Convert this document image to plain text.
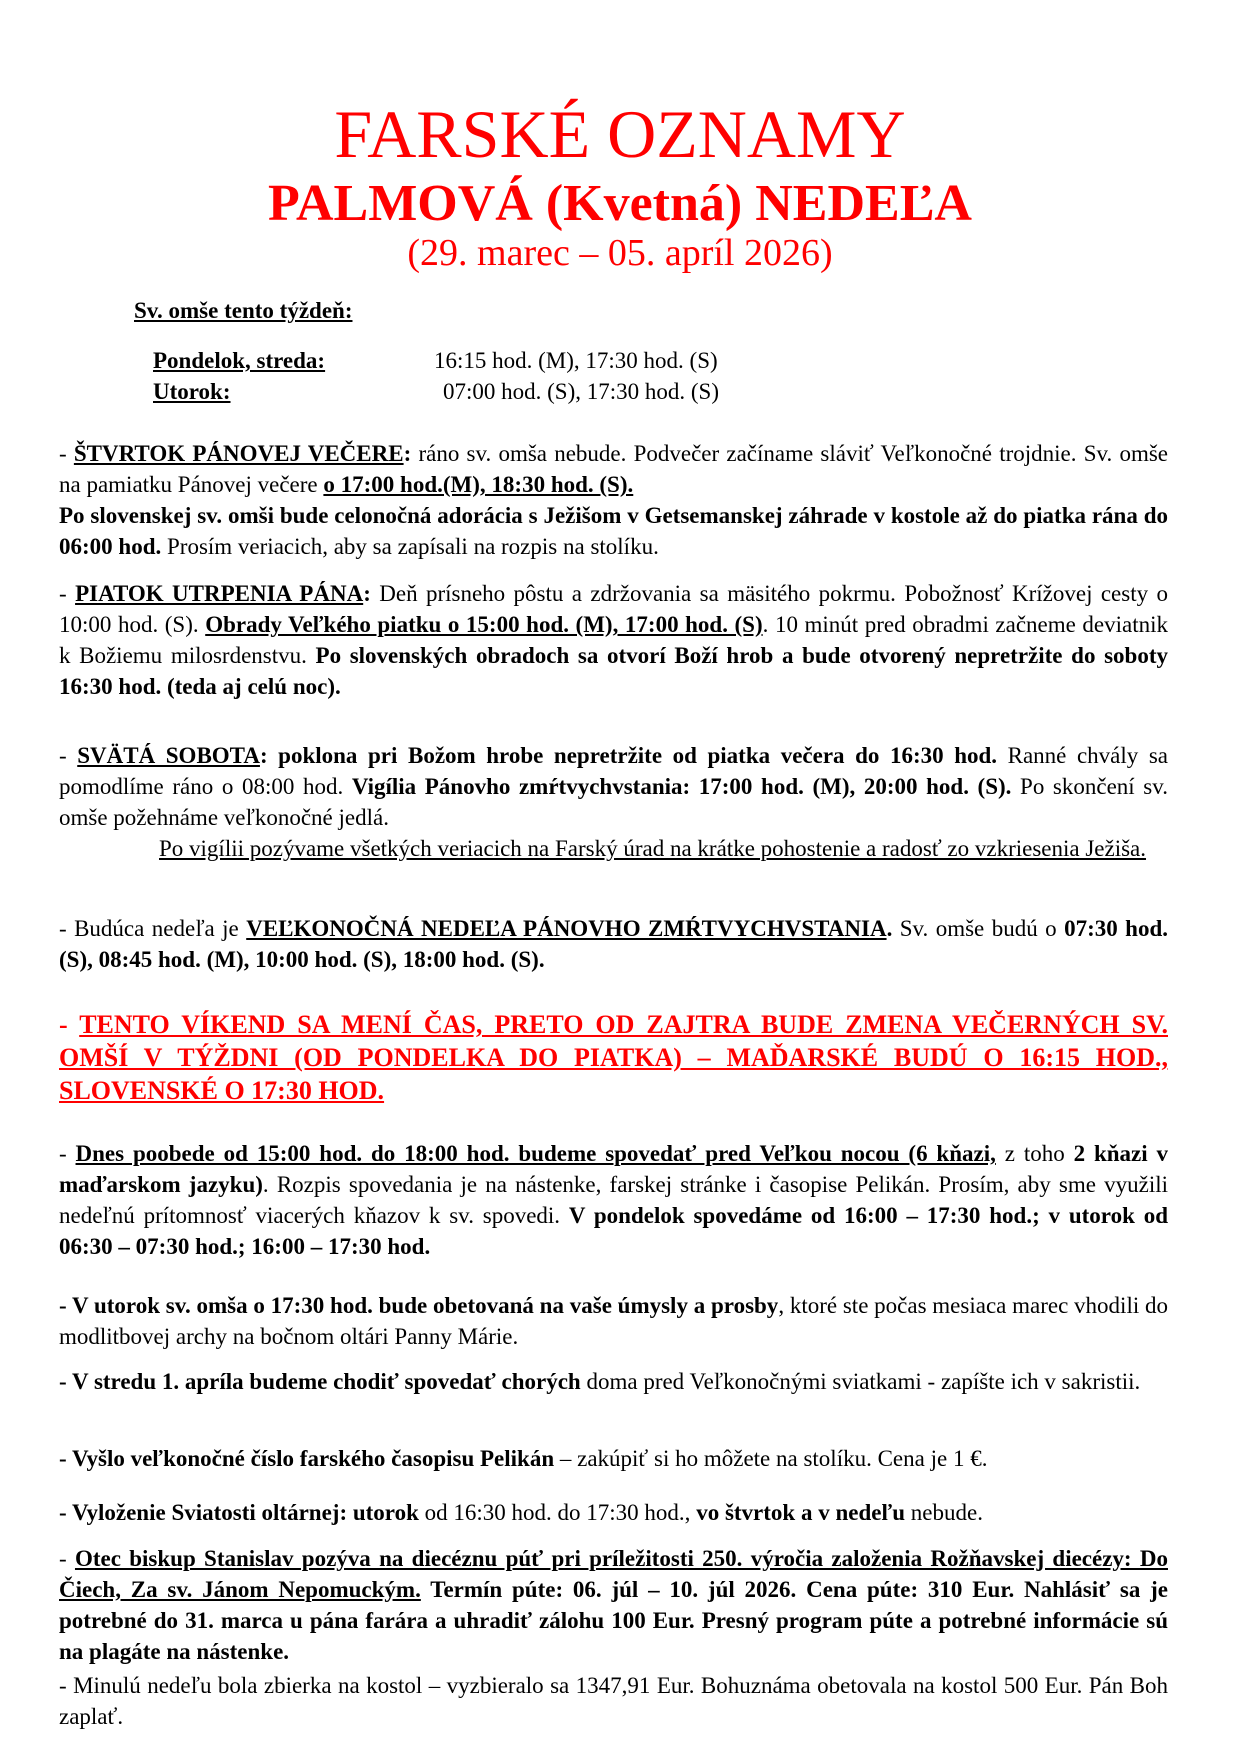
FARSKÉ OZNAMY
PALMOVÁ (Kvetná) NEDEĽA
(29. marec – 05. apríl 2026)
Sv. omše tento týždeň:
Pondelok, streda:	16:15 hod. (M), 17:30 hod. (S)
Utorok:	07:00 hod. (S), 17:30 hod. (S)
- ŠTVRTOK PÁNOVEJ VEČERE: ráno sv. omša nebude. Podvečer začíname sláviť Veľkonočné trojdnie. Sv. omše na pamiatku Pánovej večere o 17:00 hod.(M), 18:30 hod. (S).
Po slovenskej sv. omši bude celonočná adorácia s Ježišom v Getsemanskej záhrade v kostole až do piatka rána do 06:00 hod. Prosím veriacich, aby sa zapísali na rozpis na stolíku.
- PIATOK UTRPENIA PÁNA: Deň prísneho pôstu a zdržovania sa mäsitého pokrmu. Pobožnosť Krížovej cesty o 10:00 hod. (S). Obrady Veľkého piatku o 15:00 hod. (M), 17:00 hod. (S). 10 minút pred obradmi začneme deviatnik k Božiemu milosrdenstvu. Po slovenských obradoch sa otvorí Boží hrob a bude otvorený nepretržite do soboty 16:30 hod. (teda aj celú noc).
- SVÄTÁ SOBOTA: poklona pri Božom hrobe nepretržite od piatka večera do 16:30 hod. Ranné chvály sa pomodlíme ráno o 08:00 hod. Vigília Pánovho zmŕtvychvstania: 17:00 hod. (M), 20:00 hod. (S). Po skončení sv. omše požehnáme veľkonočné jedlá.
Po vigílii pozývame všetkých veriacich na Farský úrad na krátke pohostenie a radosť zo vzkriesenia Ježiša.
- Budúca nedeľa je VEĽKONOČNÁ NEDEĽA PÁNOVHO ZMŔTVYCHVSTANIA. Sv. omše budú o 07:30 hod. (S), 08:45 hod. (M), 10:00 hod. (S), 18:00 hod. (S).
- TENTO VÍKEND SA MENÍ ČAS, PRETO OD ZAJTRA BUDE ZMENA VEČERNÝCH SV. OMŠÍ V TÝŽDNI (OD PONDELKA DO PIATKA) – MAĎARSKÉ BUDÚ O 16:15 HOD., SLOVENSKÉ O 17:30 HOD.
- Dnes poobede od 15:00 hod. do 18:00 hod. budeme spovedať pred Veľkou nocou (6 kňazi, z toho 2 kňazi v maďarskom jazyku). Rozpis spovedania je na nástenke, farskej stránke i časopise Pelikán. Prosím, aby sme využili nedeľnú prítomnosť viacerých kňazov k sv. spovedi. V pondelok spovedáme od 16:00 – 17:30 hod.; v utorok od 06:30 – 07:30 hod.; 16:00 – 17:30 hod.
- V utorok sv. omša o 17:30 hod. bude obetovaná na vaše úmysly a prosby, ktoré ste počas mesiaca marec vhodili do modlitbovej archy na bočnom oltári Panny Márie.
- V stredu 1. apríla budeme chodiť spovedať chorých doma pred Veľkonočnými sviatkami - zapíšte ich v sakristii.
- Vyšlo veľkonočné číslo farského časopisu Pelikán – zakúpiť si ho môžete na stolíku. Cena je 1 €.
- Vyloženie Sviatosti oltárnej: utorok od 16:30 hod. do 17:30 hod., vo štvrtok a v nedeľu nebude.
- Otec biskup Stanislav pozýva na diecéznu púť pri príležitosti 250. výročia založenia Rožňavskej diecézy: Do Čiech, Za sv. Jánom Nepomuckým. Termín púte: 06. júl – 10. júl 2026. Cena púte: 310 Eur. Nahlásiť sa je potrebné do 31. marca u pána farára a uhradiť zálohu 100 Eur. Presný program púte a potrebné informácie sú na plagáte na nástenke.
- Minulú nedeľu bola zbierka na kostol – vyzbieralo sa 1347,91 Eur. Bohuznáma obetovala na kostol 500 Eur. Pán Boh zaplať.
